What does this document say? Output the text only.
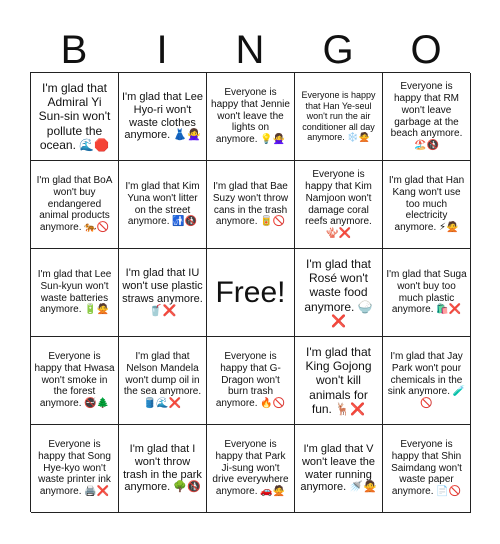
B	I	N	G	O
I'm glad that Admiral Yi Sun-sin won't pollute the ocean. 🌊🛑
I'm glad that Lee Hyo-ri won't waste clothes anymore. 👗🙅‍♀️
Everyone is happy that Jennie won't leave the lights on anymore. 💡🙅‍♀️
Everyone is happy that Han Ye-seul won't run the air conditioner all day anymore. ❄️🙅
Everyone is happy that RM won't leave garbage at the beach anymore. 🏖️🚯
I'm glad that BoA won't buy endangered animal products anymore. 🐅🚫
I'm glad that Kim Yuna won't litter on the street anymore. 🚮🚯
I'm glad that Bae Suzy won't throw cans in the trash anymore. 🥫🚫
Everyone is happy that Kim Namjoon won't damage coral reefs anymore. 🪸❌
I'm glad that Han Kang won't use too much electricity anymore. ⚡🙅
I'm glad that Lee Sun-kyun won't waste batteries anymore. 🔋🙅
I'm glad that IU won't use plastic straws anymore. 🥤❌
Free!
I'm glad that Rosé won't waste food anymore. 🍚❌
I'm glad that Suga won't buy too much plastic anymore. 🛍️❌
Everyone is happy that Hwasa won't smoke in the forest anymore. 🚭🌲
I'm glad that Nelson Mandela won't dump oil in the sea anymore. 🛢️🌊❌
Everyone is happy that G-Dragon won't burn trash anymore. 🔥🚫
I'm glad that King Gojong won't kill animals for fun. 🦌❌
I'm glad that Jay Park won't pour chemicals in the sink anymore. 🧪🚫
Everyone is happy that Song Hye-kyo won't waste printer ink anymore. 🖨️❌
I'm glad that I won't throw trash in the park anymore. 🌳🚯
Everyone is happy that Park Ji-sung won't drive everywhere anymore. 🚗🙅
I'm glad that V won't leave the water running anymore. 🚿🙅
Everyone is happy that Shin Saimdang won't waste paper anymore. 📄🚫
